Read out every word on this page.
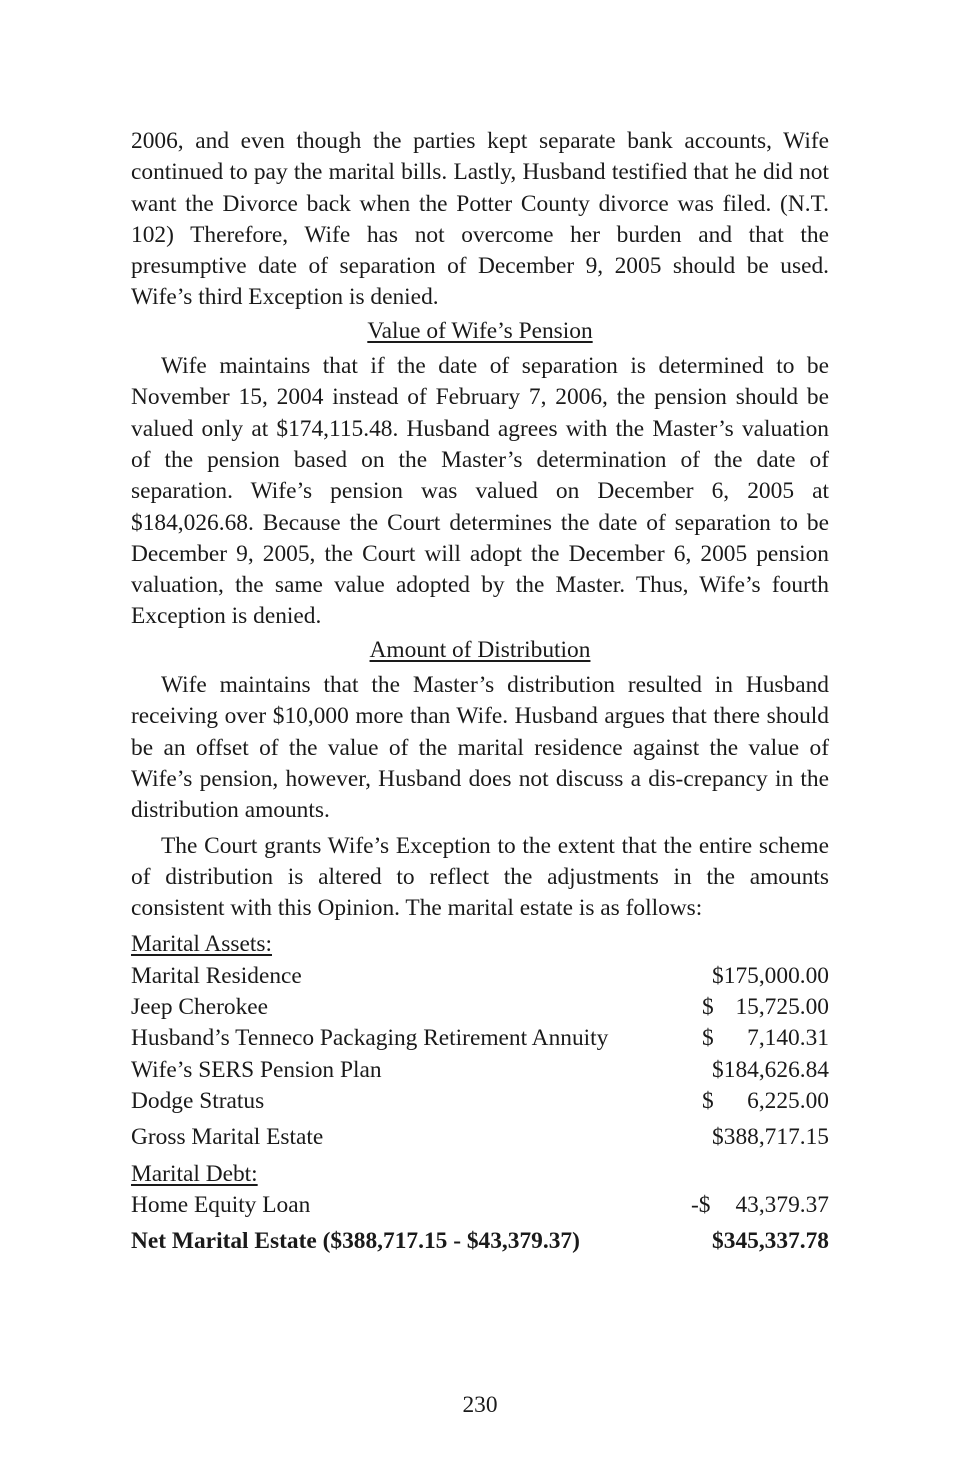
2006, and even though the parties kept separate bank accounts, Wife continued to pay the marital bills. Lastly, Husband testified that he did not want the Divorce back when the Potter County divorce was filed. (N.T. 102) Therefore, Wife has not overcome her burden and that the presumptive date of separation of December 9, 2005 should be used. Wife’s third Exception is denied.

Value of Wife’s Pension

Wife maintains that if the date of separation is determined to be November 15, 2004 instead of February 7, 2006, the pension should be valued only at $174,115.48. Husband agrees with the Master’s valuation of the pension based on the Master’s determination of the date of separation. Wife’s pension was valued on December 6, 2005 at $184,026.68. Because the Court determines the date of separation to be December 9, 2005, the Court will adopt the December 6, 2005 pension valuation, the same value adopted by the Master. Thus, Wife’s fourth Exception is denied.

Amount of Distribution

Wife maintains that the Master’s distribution resulted in Husband receiving over $10,000 more than Wife. Husband argues that there should be an offset of the value of the marital residence against the value of Wife’s pension, however, Husband does not discuss a dis-crepancy in the distribution amounts.

The Court grants Wife’s Exception to the extent that the entire scheme of distribution is altered to reflect the adjustments in the amounts consistent with this Opinion. The marital estate is as follows:

Marital Assets:
Marital Residence	$175,000.00
Jeep Cherokee	$ 15,725.00
Husband’s Tenneco Packaging Retirement Annuity	$ 7,140.31
Wife’s SERS Pension Plan	$184,626.84
Dodge Stratus	$ 6,225.00
Gross Marital Estate	$388,717.15
Marital Debt:
Home Equity Loan	-$ 43,379.37
Net Marital Estate ($388,717.15 - $43,379.37)	$345,337.78
230
